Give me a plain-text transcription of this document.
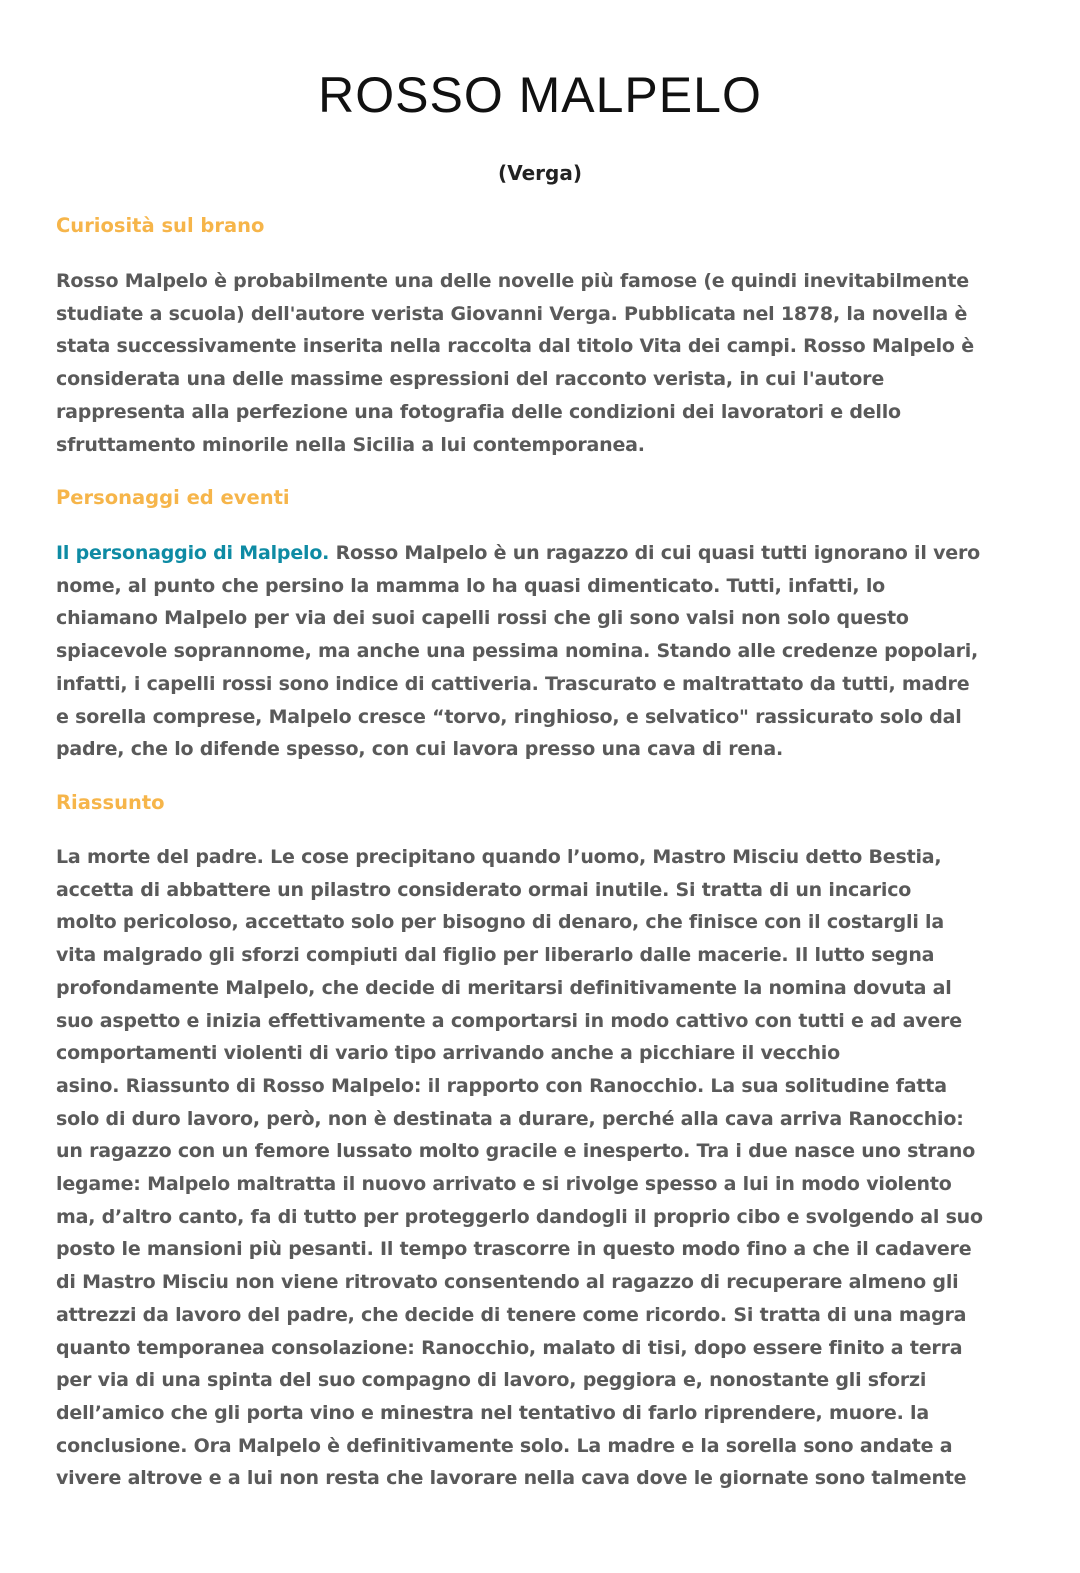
ROSSO MALPELO
(Verga)
Curiosità sul brano

Rosso Malpelo è probabilmente una delle novelle più famose (e quindi inevitabilmente
studiate a scuola) dell'autore verista Giovanni Verga. Pubblicata nel 1878, la novella è
stata successivamente inserita nella raccolta dal titolo Vita dei campi. Rosso Malpelo è
considerata una delle massime espressioni del racconto verista, in cui l'autore
rappresenta alla perfezione una fotografia delle condizioni dei lavoratori e dello
sfruttamento minorile nella Sicilia a lui contemporanea.

Personaggi ed eventi

Il personaggio di Malpelo. Rosso Malpelo è un ragazzo di cui quasi tutti ignorano il vero
nome, al punto che persino la mamma lo ha quasi dimenticato. Tutti, infatti, lo
chiamano Malpelo per via dei suoi capelli rossi che gli sono valsi non solo questo
spiacevole soprannome, ma anche una pessima nomina. Stando alle credenze popolari,
infatti, i capelli rossi sono indice di cattiveria. Trascurato e maltrattato da tutti, madre
e sorella comprese, Malpelo cresce “torvo, ringhioso, e selvatico" rassicurato solo dal
padre, che lo difende spesso, con cui lavora presso una cava di rena.

Riassunto

La morte del padre. Le cose precipitano quando l’uomo, Mastro Misciu detto Bestia,
accetta di abbattere un pilastro considerato ormai inutile. Si tratta di un incarico
molto pericoloso, accettato solo per bisogno di denaro, che finisce con il costargli la
vita malgrado gli sforzi compiuti dal figlio per liberarlo dalle macerie. Il lutto segna
profondamente Malpelo, che decide di meritarsi definitivamente la nomina dovuta al
suo aspetto e inizia effettivamente a comportarsi in modo cattivo con tutti e ad avere
comportamenti violenti di vario tipo arrivando anche a picchiare il vecchio
asino. Riassunto di Rosso Malpelo: il rapporto con Ranocchio. La sua solitudine fatta
solo di duro lavoro, però, non è destinata a durare, perché alla cava arriva Ranocchio:
un ragazzo con un femore lussato molto gracile e inesperto. Tra i due nasce uno strano
legame: Malpelo maltratta il nuovo arrivato e si rivolge spesso a lui in modo violento
ma, d’altro canto, fa di tutto per proteggerlo dandogli il proprio cibo e svolgendo al suo
posto le mansioni più pesanti. Il tempo trascorre in questo modo fino a che il cadavere
di Mastro Misciu non viene ritrovato consentendo al ragazzo di recuperare almeno gli
attrezzi da lavoro del padre, che decide di tenere come ricordo. Si tratta di una magra
quanto temporanea consolazione: Ranocchio, malato di tisi, dopo essere finito a terra
per via di una spinta del suo compagno di lavoro, peggiora e, nonostante gli sforzi
dell’amico che gli porta vino e minestra nel tentativo di farlo riprendere, muore. la
conclusione. Ora Malpelo è definitivamente solo. La madre e la sorella sono andate a
vivere altrove e a lui non resta che lavorare nella cava dove le giornate sono talmente
